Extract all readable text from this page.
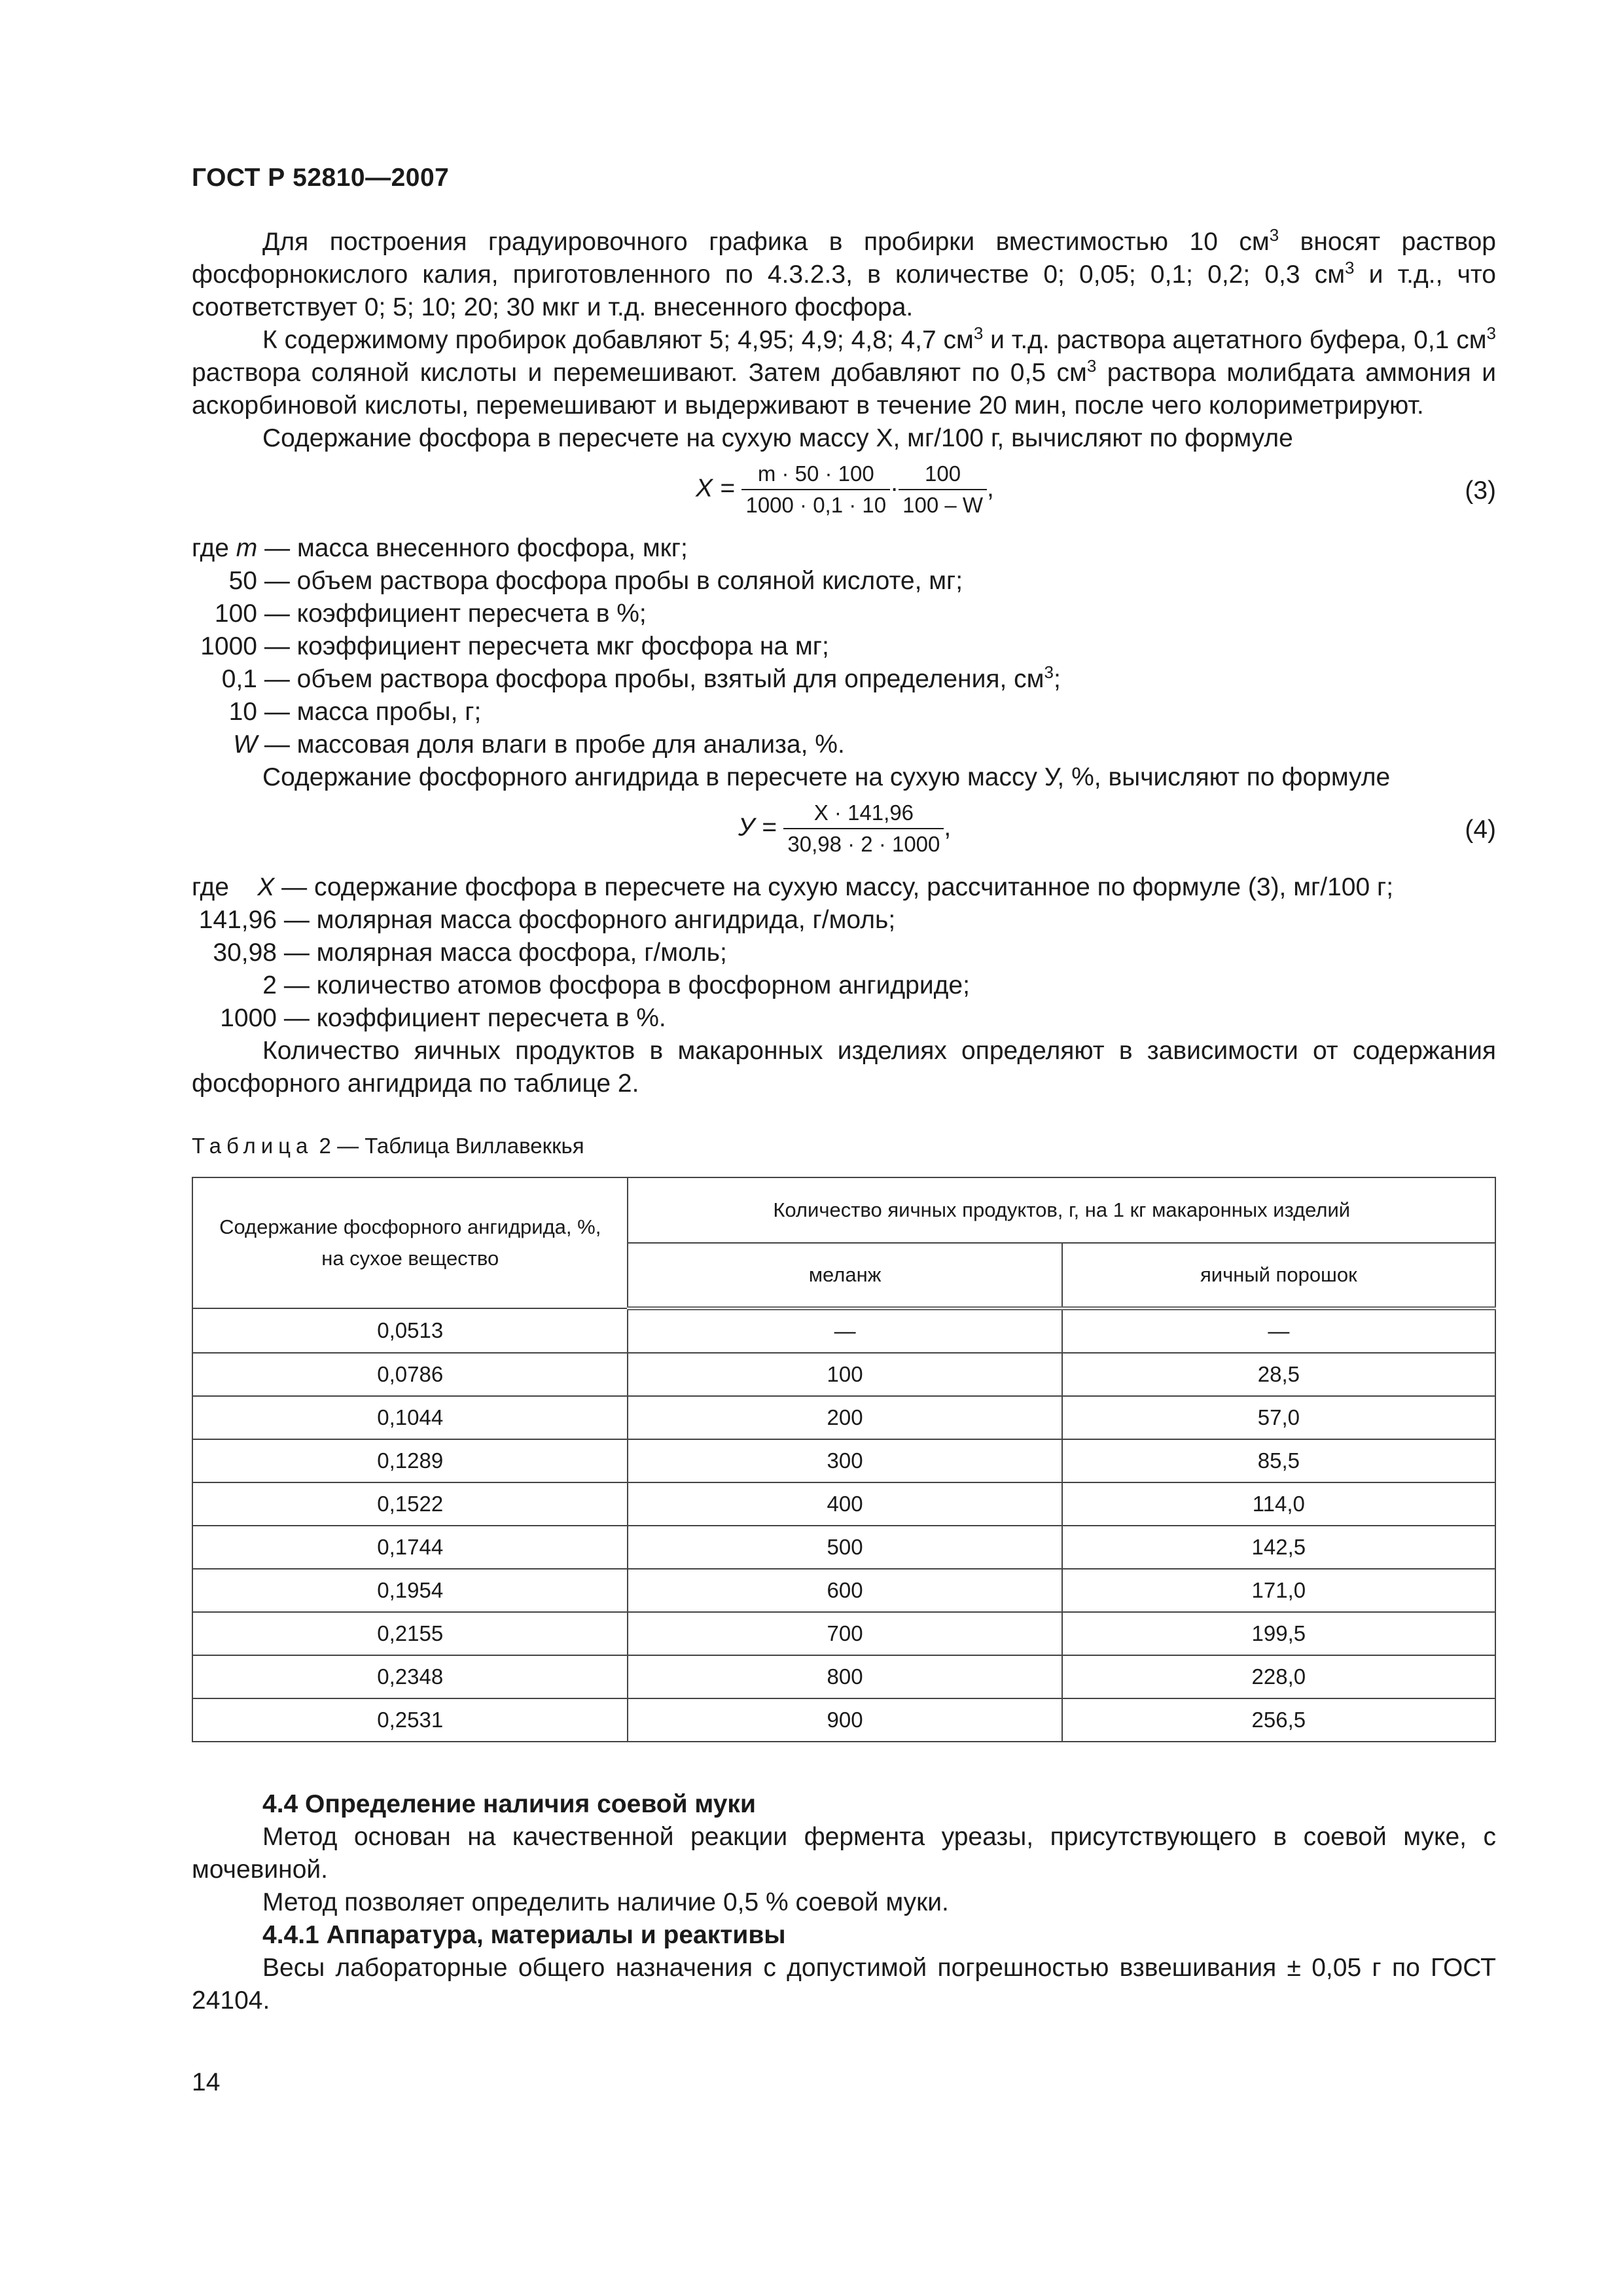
ГОСТ Р 52810—2007

Для построения градуировочного графика в пробирки вместимостью 10 $см^3$ вносят раствор фосфорнокислого калия, приготовленного по 4.3.2.3, в количестве 0; 0,05; 0,1; 0,2; 0,3 $см^3$ и т.д., что соответствует 0; 5; 10; 20; 30 мкг и т.д. внесенного фосфора.

К содержимому пробирок добавляют 5; 4,95; 4,9; 4,8; 4,7 $см^3$ и т.д. раствора ацетатного буфера, 0,1 $см^3$ раствора соляной кислоты и перемешивают. Затем добавляют по 0,5 $см^3$ раствора молибдата аммония и аскорбиновой кислоты, перемешивают и выдерживают в течение 20 мин, после чего колориметрируют.

Содержание фосфора в пересчете на сухую массу X, мг/100 г, вычисляют по формуле

$X = \frac{m \cdot 50 \cdot 100}{1000 \cdot 0,1 \cdot 10} \cdot \frac{100}{100 - W}$ ,	(3)
где m — масса внесенного фосфора, мкг;
50 — объем раствора фосфора пробы в соляной кислоте, мг;
100 — коэффициент пересчета в %;
1000 — коэффициент пересчета мкг фосфора на мг;
0,1 — объем раствора фосфора пробы, взятый для определения, $см^3$;
10 — масса пробы, г;
W — массовая доля влаги в пробе для анализа, %.

Содержание фосфорного ангидрида в пересчете на сухую массу У, %, вычисляют по формуле

$У = \frac{X \cdot 141,96}{30,98 \cdot 2 \cdot 1000}$ ,	(4)
где X — содержание фосфора в пересчете на сухую массу, рассчитанное по формуле (3), мг/100 г;
141,96 — молярная масса фосфорного ангидрида, г/моль;
30,98 — молярная масса фосфора, г/моль;
2 — количество атомов фосфора в фосфорном ангидриде;
1000 — коэффициент пересчета в %.

Количество яичных продуктов в макаронных изделиях определяют в зависимости от содержания фосфорного ангидрида по таблице 2.

Таблица 2 — Таблица Виллавеккья
Содержание фосфорного ангидрида, %, на сухое вещество	Количество яичных продуктов, г, на 1 кг макаронных изделий	
	меланж	яичный порошок
0,0513	—	—
0,0786	100	28,5
0,1044	200	57,0
0,1289	300	85,5
0,1522	400	114,0
0,1744	500	142,5
0,1954	600	171,0
0,2155	700	199,5
0,2348	800	228,0
0,2531	900	256,5

4.4 Определение наличия соевой муки

Метод основан на качественной реакции фермента уреазы, присутствующего в соевой муке, с мочевиной.

Метод позволяет определить наличие 0,5 % соевой муки.

4.4.1 Аппаратура, материалы и реактивы

Весы лабораторные общего назначения с допустимой погрешностью взвешивания ± 0,05 г по ГОСТ 24104.

14
